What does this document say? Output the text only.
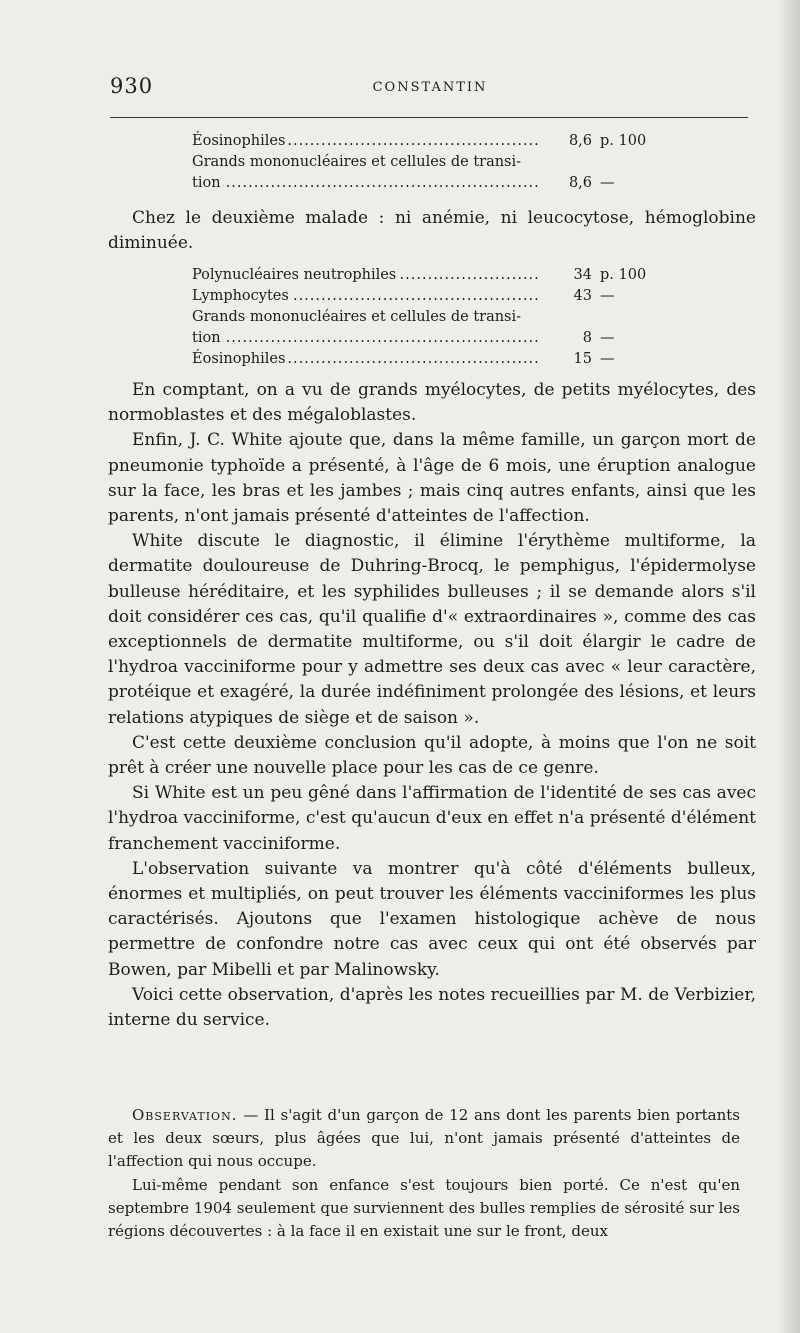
930	CONSTANTIN
.....
Éosinophiles	8,6 p. 100
Grands mononucléaires et cellules de transi-
.....
tion	8,6 —

Chez le deuxième malade : ni anémie, ni leucocytose, hémoglobine diminuée.

.....
Polynucléaires neutrophiles	34 p. 100
.....
Lymphocytes	43 —
Grands mononucléaires et cellules de transi-
.....
tion	8 —
.....
Éosinophiles	15 —

En comptant, on a vu de grands myélocytes, de petits myélocytes, des normoblastes et des mégaloblastes.

Enfin, J. C. White ajoute que, dans la même famille, un garçon mort de pneumonie typhoïde a présenté, à l'âge de 6 mois, une éruption analogue sur la face, les bras et les jambes ; mais cinq autres enfants, ainsi que les parents, n'ont jamais présenté d'atteintes de l'affection.

White discute le diagnostic, il élimine l'érythème multiforme, la dermatite douloureuse de Duhring-Brocq, le pemphigus, l'épidermolyse bulleuse héréditaire, et les syphilides bulleuses ; il se demande alors s'il doit considérer ces cas, qu'il qualifie d'« extraordinaires », comme des cas exceptionnels de dermatite multiforme, ou s'il doit élargir le cadre de l'hydroa vacciniforme pour y admettre ses deux cas avec « leur caractère, protéique et exagéré, la durée indéfiniment prolongée des lésions, et leurs relations atypiques de siège et de saison ».

C'est cette deuxième conclusion qu'il adopte, à moins que l'on ne soit prêt à créer une nouvelle place pour les cas de ce genre.

Si White est un peu gêné dans l'affirmation de l'identité de ses cas avec l'hydroa vacciniforme, c'est qu'aucun d'eux en effet n'a présenté d'élément franchement vacciniforme.

L'observation suivante va montrer qu'à côté d'éléments bulleux, énormes et multipliés, on peut trouver les éléments vacciniformes les plus caractérisés. Ajoutons que l'examen histologique achève de nous permettre de confondre notre cas avec ceux qui ont été observés par Bowen, par Mibelli et par Malinowsky.

Voici cette observation, d'après les notes recueillies par M. de Verbizier, interne du service.

Observation. — Il s'agit d'un garçon de 12 ans dont les parents bien portants et les deux sœurs, plus âgées que lui, n'ont jamais présenté d'atteintes de l'affection qui nous occupe.

Lui-même pendant son enfance s'est toujours bien porté. Ce n'est qu'en septembre 1904 seulement que surviennent des bulles remplies de sérosité sur les régions découvertes : à la face il en existait une sur le front, deux
